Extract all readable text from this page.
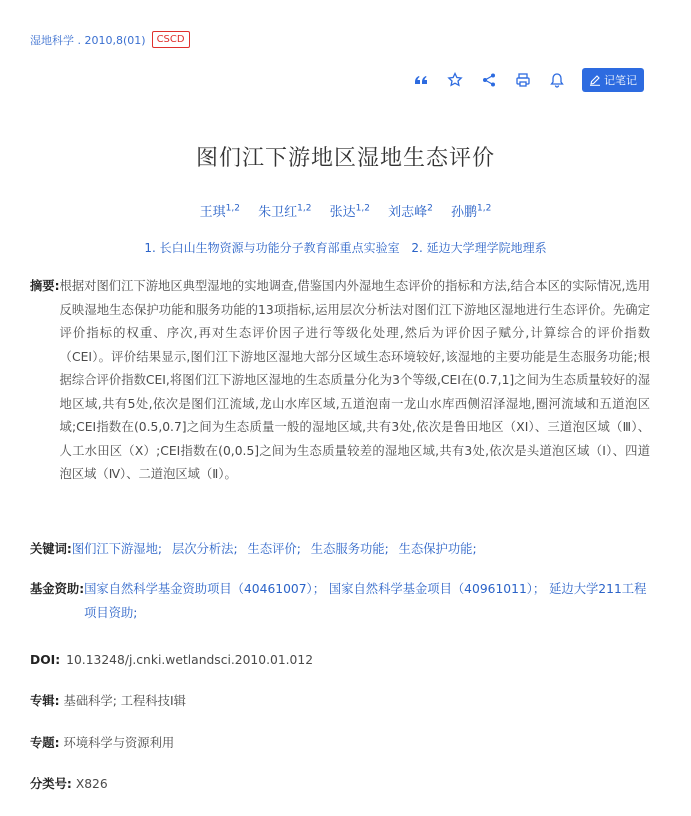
湿地科学 . 2010,8(01)	CSCD
记笔记
图们江下游地区湿地生态评价
王琪$^{1,2}$ 朱卫红$^{1,2}$ 张达$^{1,2}$ 刘志峰$^2$ 孙鹏$^{1,2}$
1. 长白山生物资源与功能分子教育部重点实验室 2. 延边大学理学院地理系
摘要: 根据对图们江下游地区典型湿地的实地调查,借鉴国内外湿地生态评价的指标和方法,结合本区的实际情况,选用反映湿地生态保护功能和服务功能的13项指标,运用层次分析法对图们江下游地区湿地进行生态评价。先确定评价指标的权重、序次,再对生态评价因子进行等级化处理,然后为评价因子赋分,计算综合的评价指数（CEI）。评价结果显示,图们江下游地区湿地大部分区域生态环境较好,该湿地的主要功能是生态服务功能;根据综合评价指数CEI,将图们江下游地区湿地的生态质量分化为3个等级,CEI在(0.7,1]之间为生态质量较好的湿地区域,共有5处,依次是图们江流域,龙山水库区域,五道泡南一龙山水库西侧沼泽湿地,圈河流域和五道泡区域;CEI指数在(0.5,0.7]之间为生态质量一般的湿地区域,共有3处,依次是鲁田地区（XI）、三道泡区域（Ⅲ）、人工水田区（X）;CEI指数在(0,0.5]之间为生态质量较差的湿地区域,共有3处,依次是头道泡区域（Ⅰ）、四道泡区域（Ⅳ）、二道泡区域（Ⅱ）。
关键词: 图们江下游湿地; 层次分析法; 生态评价; 生态服务功能; 生态保护功能;
基金资助: 国家自然科学基金资助项目（40461007）； 国家自然科学基金项目（40961011）； 延边大学211工程项目资助;
DOI: 10.13248/j.cnki.wetlandsci.2010.01.012
专辑: 基础科学; 工程科技Ⅰ辑
专题: 环境科学与资源利用
分类号: X826
